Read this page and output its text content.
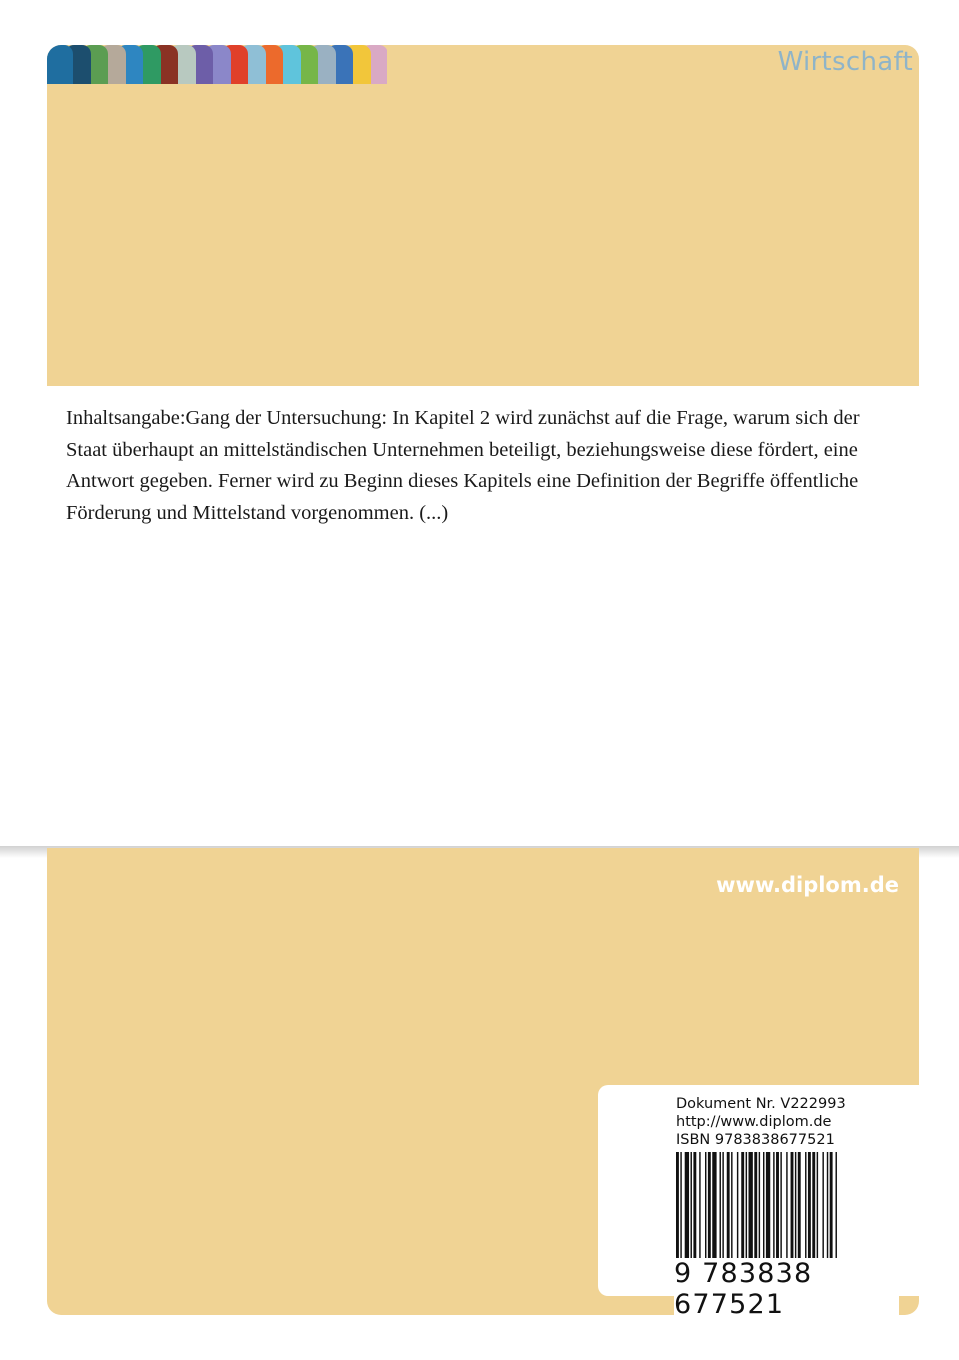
Wirtschaft

Inhaltsangabe:Gang der Untersuchung: In Kapitel 2 wird zunächst auf die Frage, warum sich der Staat überhaupt an mittelständischen Unternehmen beteiligt, beziehungsweise diese fördert, eine Antwort gegeben. Ferner wird zu Beginn dieses Kapitels eine Definition der Begriffe öffentliche Förderung und Mittelstand vorgenommen. (...)

www.diplom.de
Dokument Nr. V222993
http://www.diplom.de
ISBN 9783838677521
9 783838 677521
